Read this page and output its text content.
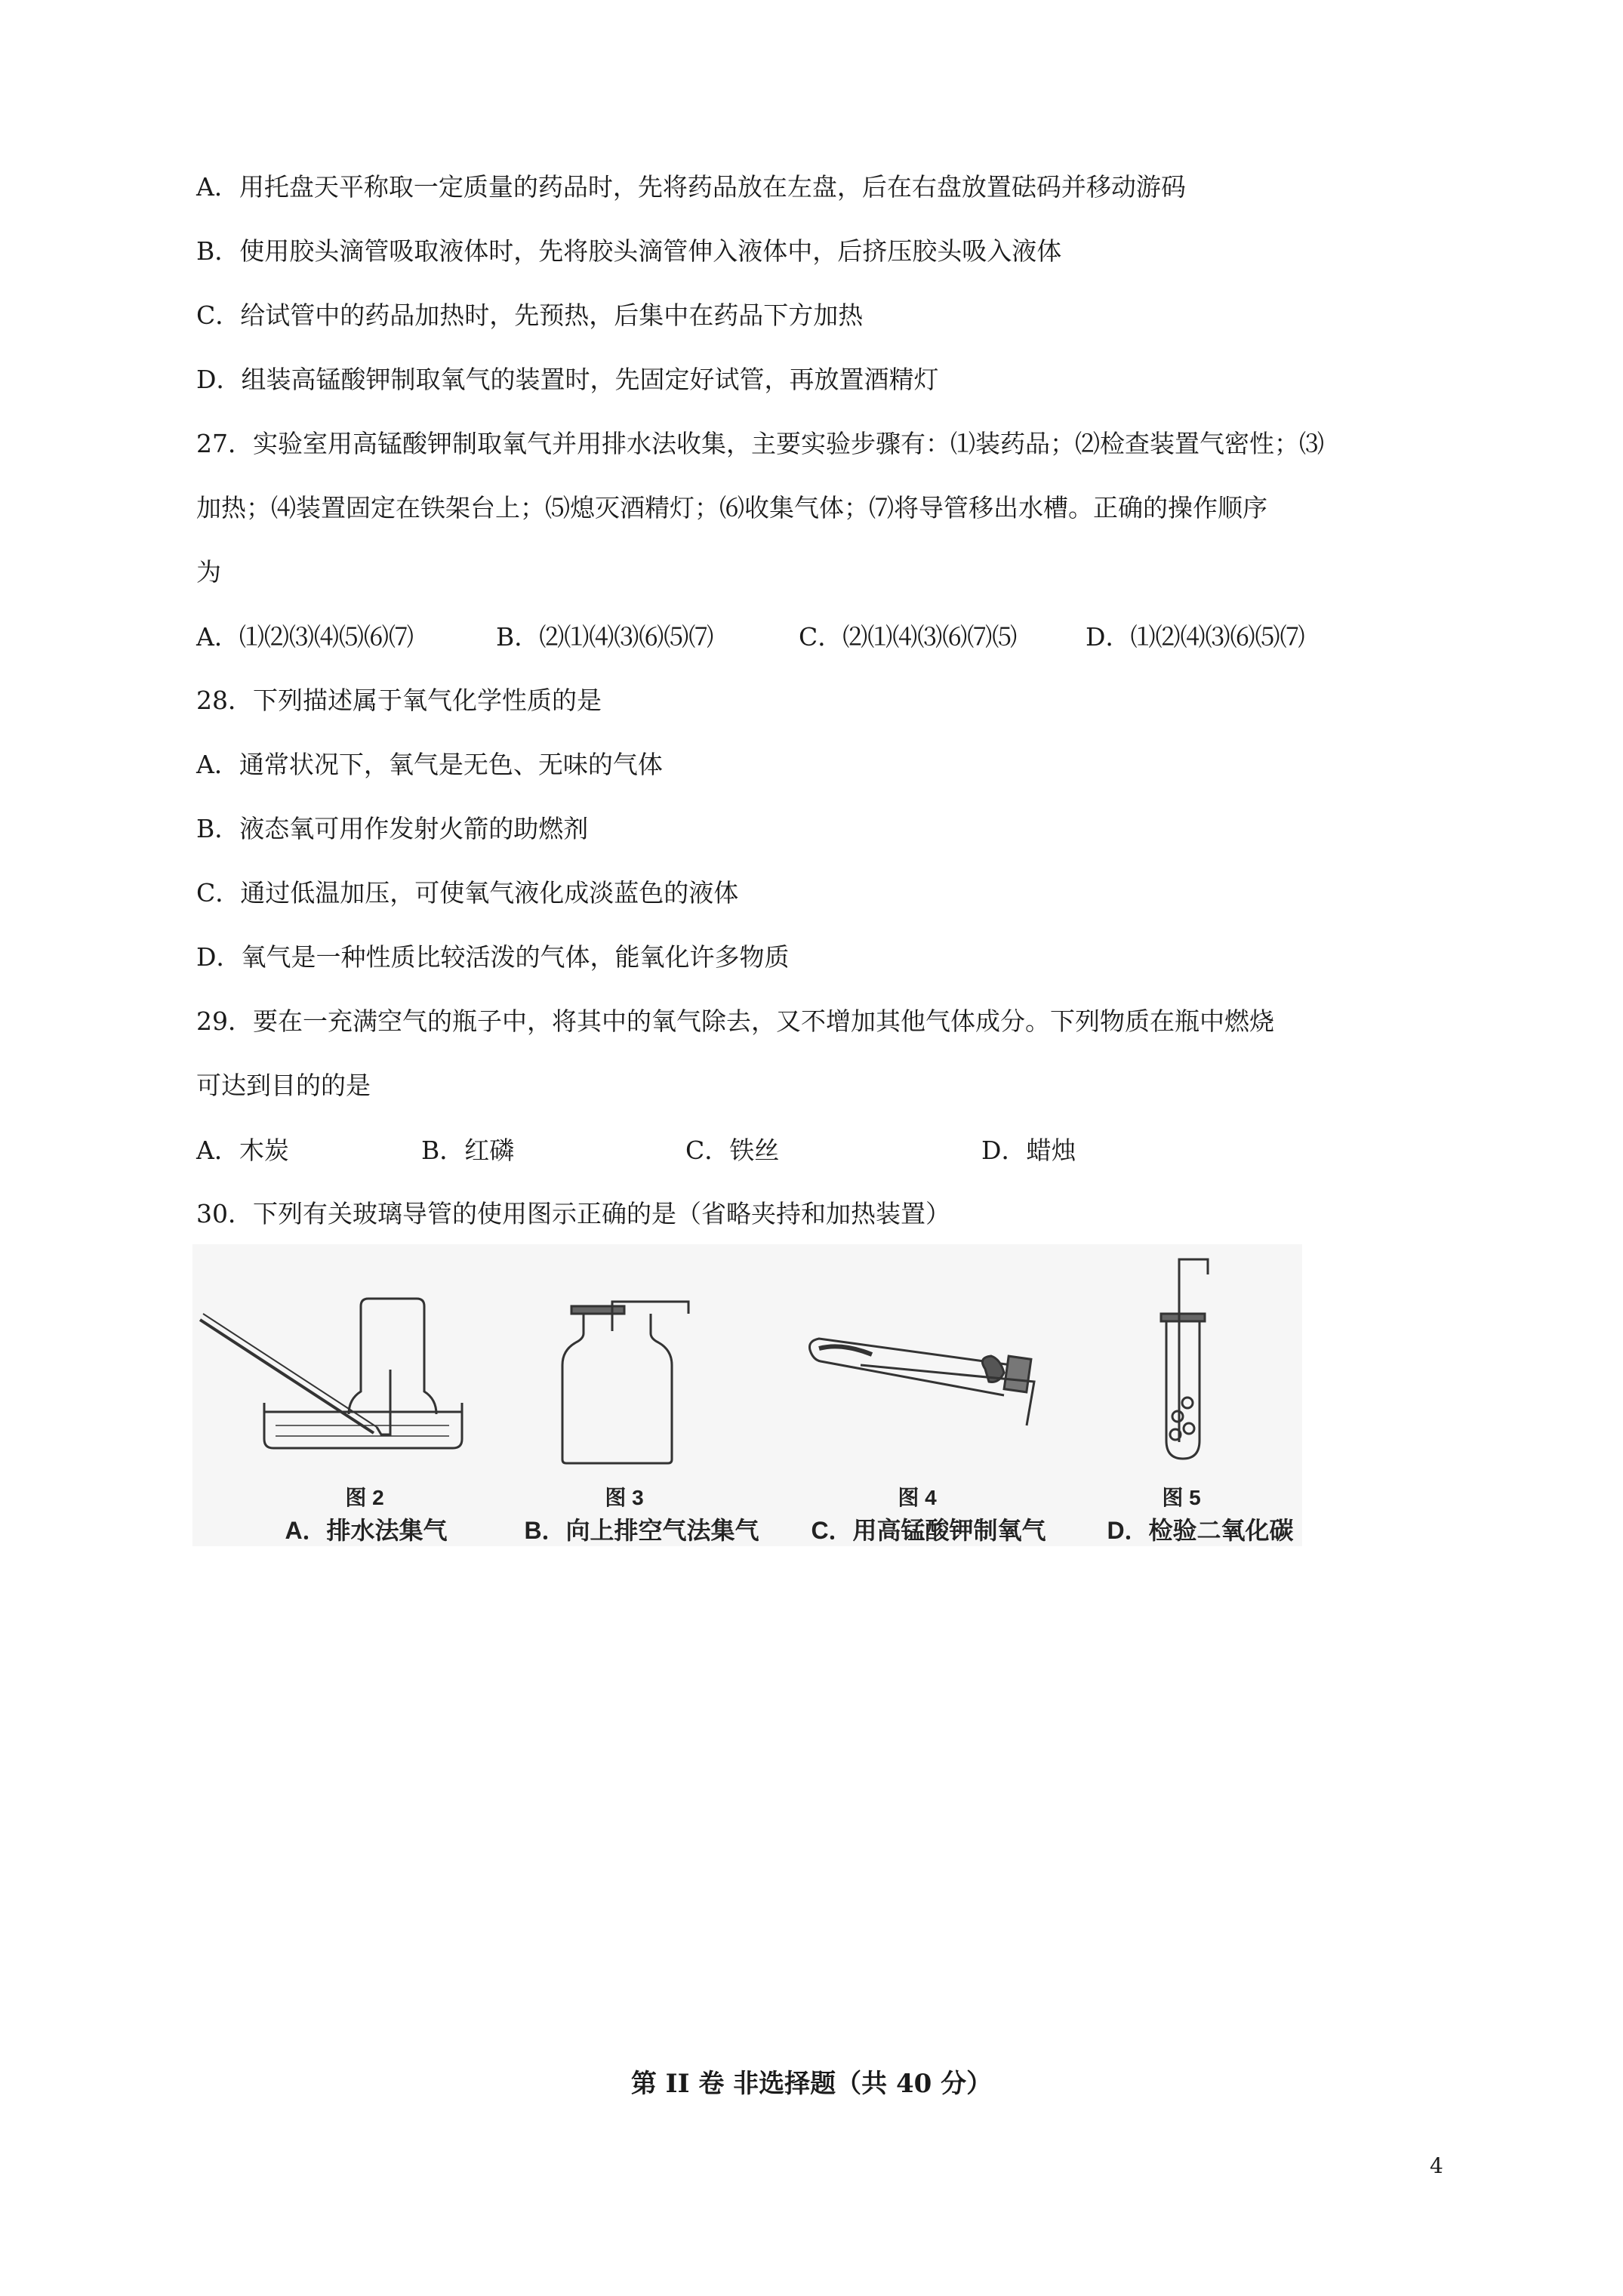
A．用托盘天平称取一定质量的药品时，先将药品放在左盘，后在右盘放置砝码并移动游码
B．使用胶头滴管吸取液体时，先将胶头滴管伸入液体中，后挤压胶头吸入液体
C．给试管中的药品加热时，先预热，后集中在药品下方加热
D．组装高锰酸钾制取氧气的装置时，先固定好试管，再放置酒精灯
27．实验室用高锰酸钾制取氧气并用排水法收集，主要实验步骤有：⑴装药品；⑵检查装置气密性；⑶
加热；⑷装置固定在铁架台上；⑸熄灭酒精灯；⑹收集气体；⑺将导管移出水槽。正确的操作顺序
为
A．⑴⑵⑶⑷⑸⑹⑺	B．⑵⑴⑷⑶⑹⑸⑺	C．⑵⑴⑷⑶⑹⑺⑸	D．⑴⑵⑷⑶⑹⑸⑺
28．下列描述属于氧气化学性质的是
A．通常状况下，氧气是无色、无味的气体
B．液态氧可用作发射火箭的助燃剂
C．通过低温加压，可使氧气液化成淡蓝色的液体
D．氧气是一种性质比较活泼的气体，能氧化许多物质
29．要在一充满空气的瓶子中，将其中的氧气除去，又不增加其他气体成分。下列物质在瓶中燃烧
可达到目的的是
A．木炭	B．红磷	C．铁丝	D．蜡烛
30．下列有关玻璃导管的使用图示正确的是（省略夹持和加热装置）
图 2
A．排水法集气
图 3
B．向上排空气法集气
图 4
C．用高锰酸钾制氧气
图 5
D．检验二氧化碳
第 II 卷 非选择题（共 40 分）
4
